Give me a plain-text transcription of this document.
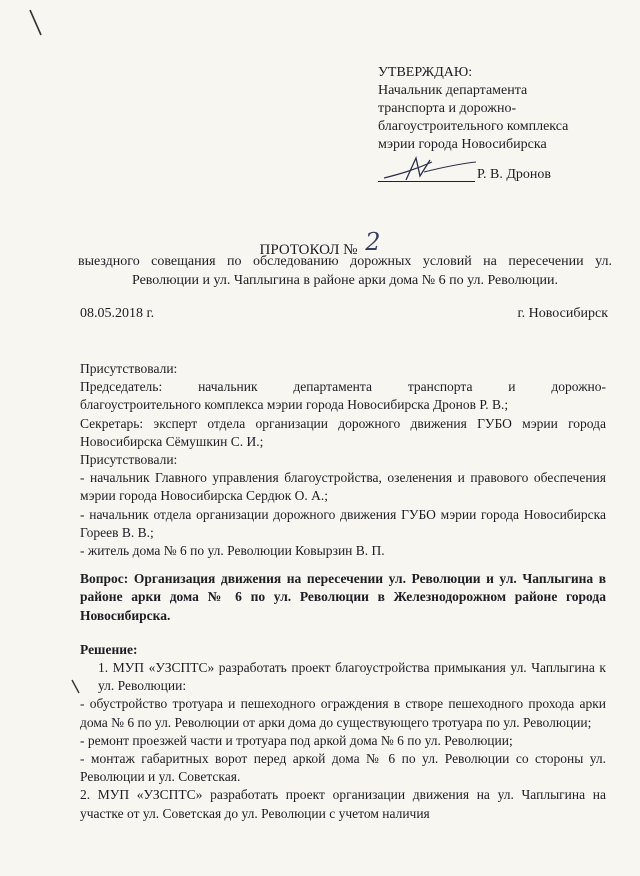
УТВЕРЖДАЮ:
Начальник департамента
транспорта и дорожно-
благоустроительного комплекса
мэрии города Новосибирска
Р. В. Дронов
ПРОТОКОЛ № 2
выездного совещания по обследованию дорожных условий на пересечении ул. Революции и ул. Чаплыгина в районе арки дома № 6 по ул. Революции.
08.05.2018 г.	г. Новосибирск

Присутствовали:

Председатель: начальник департамента транспорта и дорожно-

благоустроительного комплекса мэрии города Новосибирска Дронов Р. В.;

Секретарь: эксперт отдела организации дорожного движения ГУБО мэрии города Новосибирска Сёмушкин С. И.;

Присутствовали:

- начальник Главного управления благоустройства, озеленения и правового обеспечения мэрии города Новосибирска Сердюк О. А.;

- начальник отдела организации дорожного движения ГУБО мэрии города Новосибирска Гореев В. В.;

- житель дома № 6 по ул. Революции Ковырзин В. П.

Вопрос: Организация движения на пересечении ул. Революции и ул. Чаплыгина в районе арки дома № 6 по ул. Революции в Железнодорожном районе города Новосибирска.

Решение:

1. МУП «УЗСПТС» разработать проект благоустройства примыкания ул. Чаплыгина к ул. Революции:

- обустройство тротуара и пешеходного ограждения в створе пешеходного прохода арки дома № 6 по ул. Революции от арки дома до существующего тротуара по ул. Революции;

- ремонт проезжей части и тротуара под аркой дома № 6 по ул. Революции;

- монтаж габаритных ворот перед аркой дома № 6 по ул. Революции со стороны ул. Революции и ул. Советская.

2. МУП «УЗСПТС» разработать проект организации движения на ул. Чаплыгина на участке от ул. Советская до ул. Революции с учетом наличия
